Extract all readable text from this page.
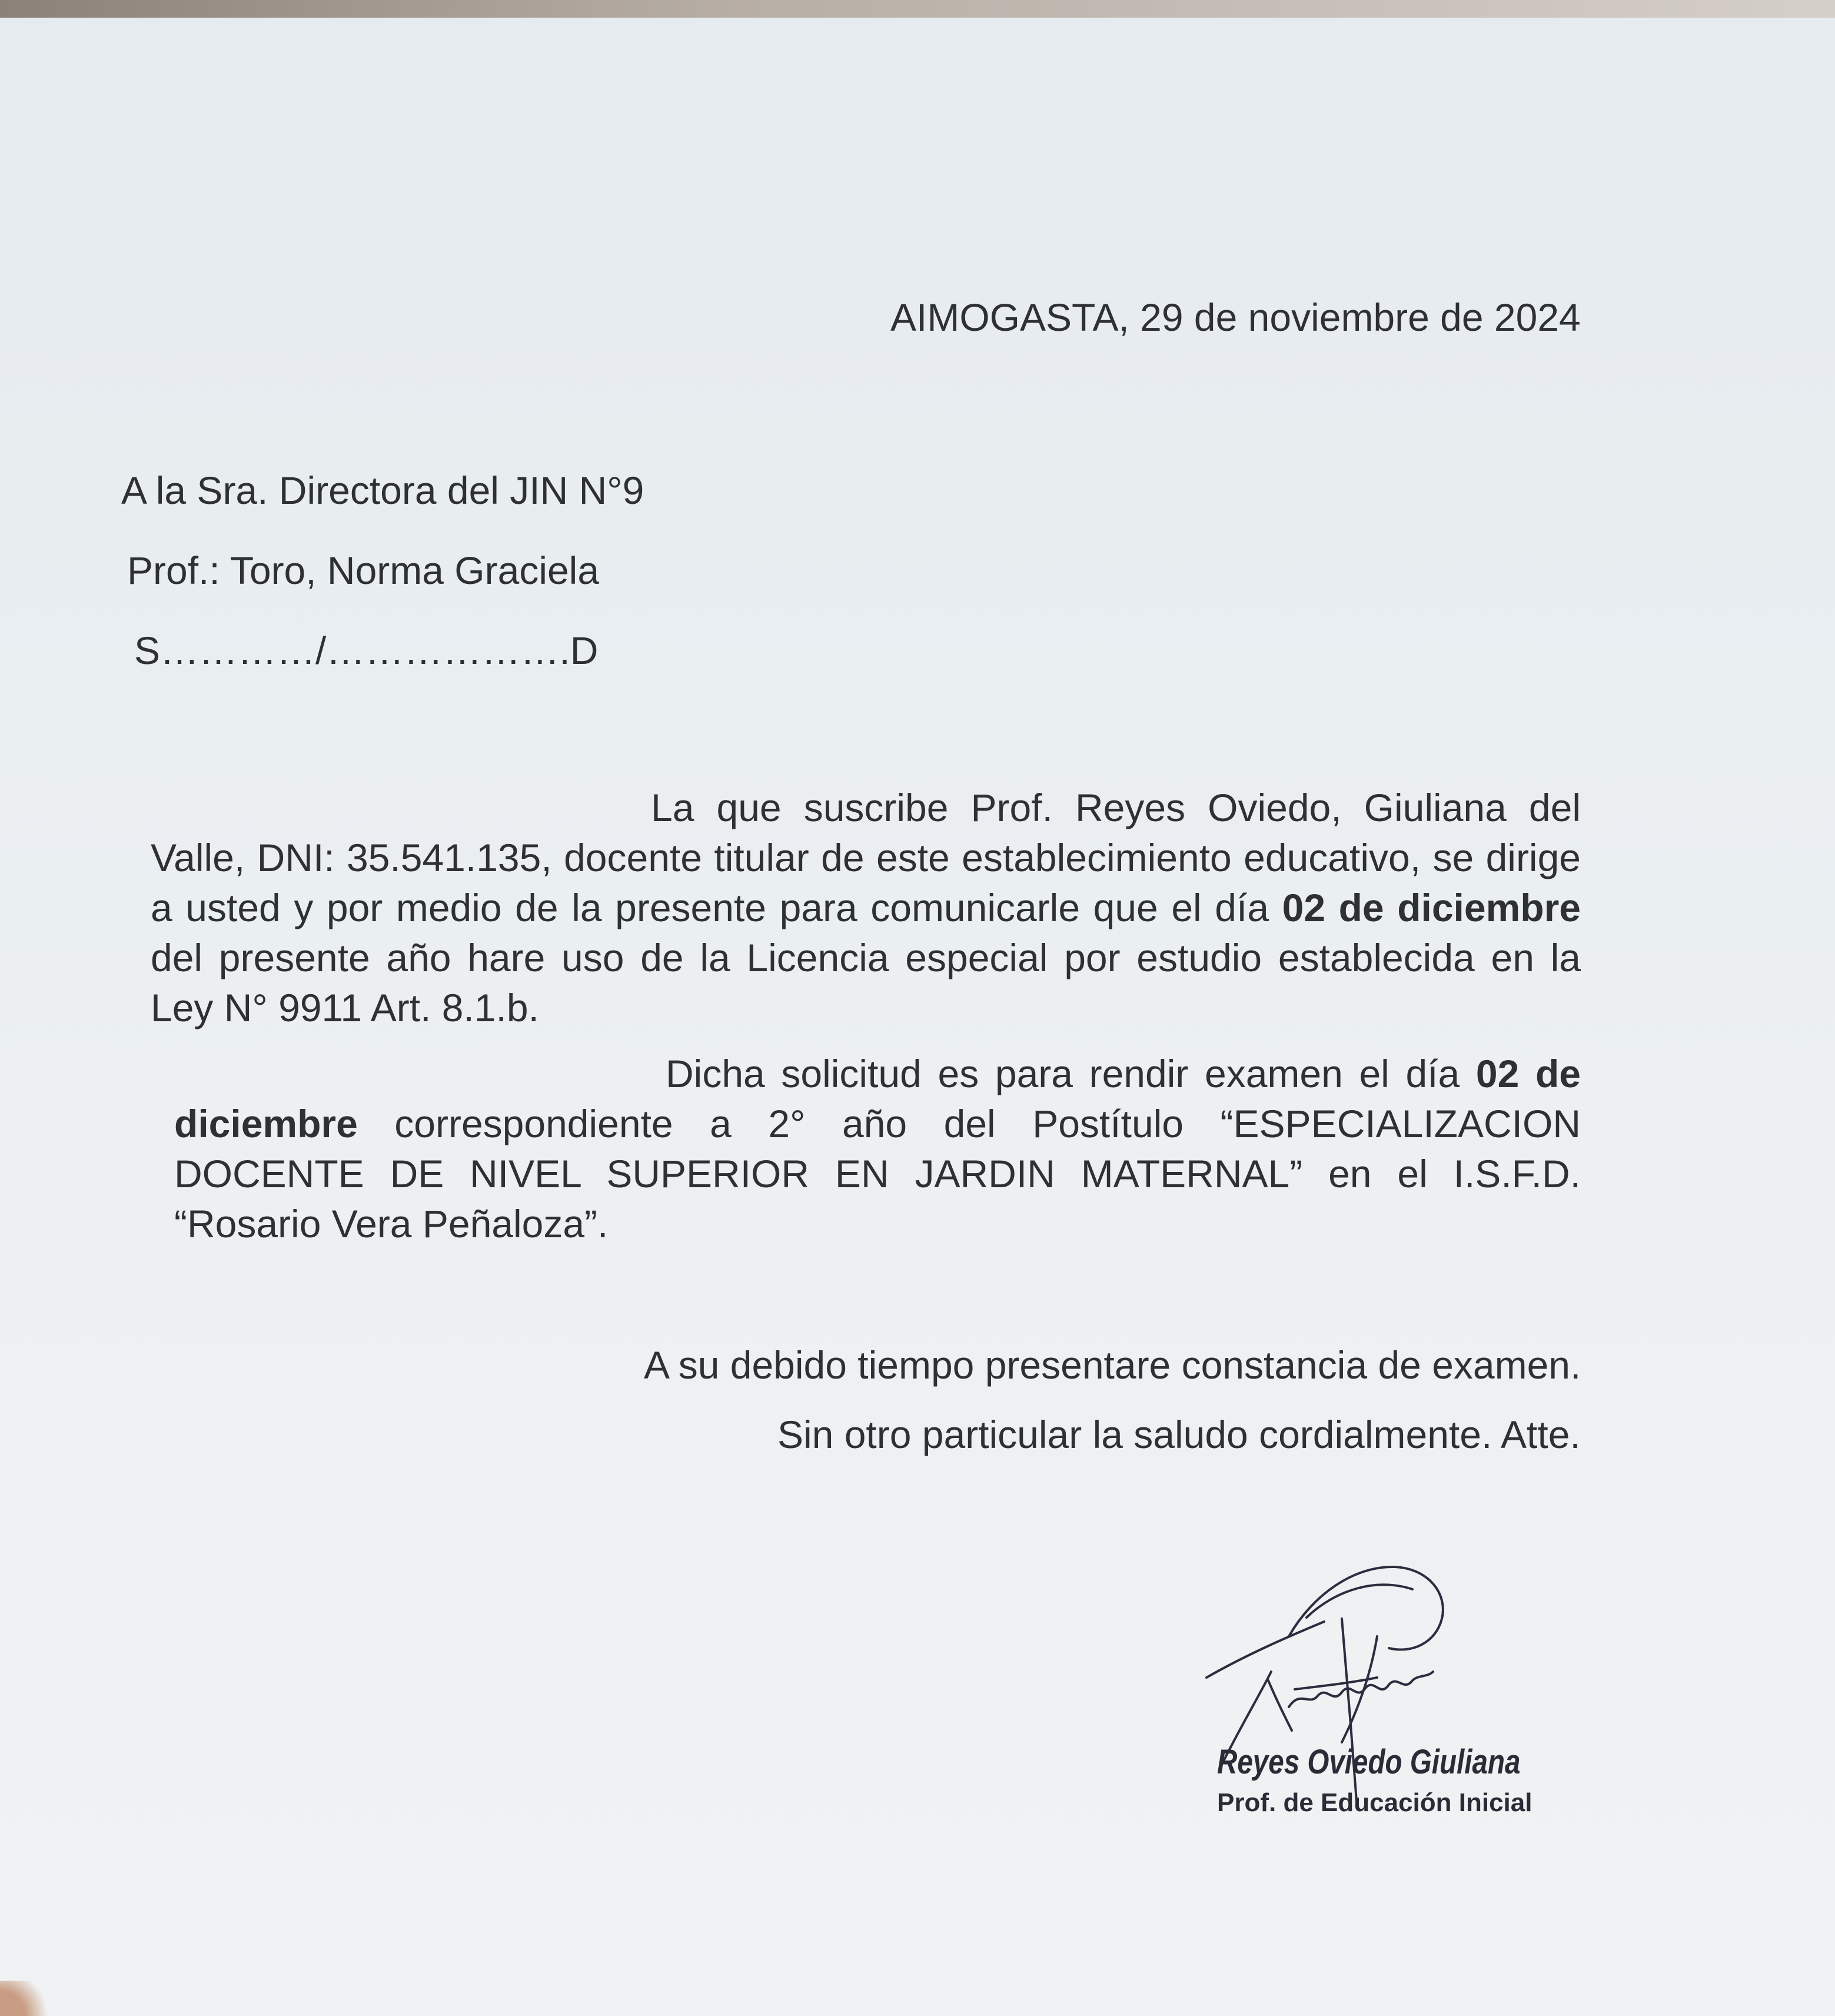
AIMOGASTA, 29 de noviembre de 2024
A la Sra. Directora del JIN N°9
Prof.: Toro, Norma Graciela
S…………/……………….D

La que suscribe Prof. Reyes Oviedo, Giuliana del Valle, DNI: 35.541.135, docente titular de este establecimiento educativo, se dirige a usted y por medio de la presente para comunicarle que el día 02 de diciembre del presente año hare uso de la Licencia especial por estudio establecida en la Ley N° 9911 Art. 8.1.b.

Dicha solicitud es para rendir examen el día 02 de diciembre correspondiente a 2° año del Postítulo “ESPECIALIZACION DOCENTE DE NIVEL SUPERIOR EN JARDIN MATERNAL” en el I.S.F.D. “Rosario Vera Peñaloza”.

A su debido tiempo presentare constancia de examen.
Sin otro particular la saludo cordialmente. Atte.
Reyes Oviedo Giuliana
Prof. de Educación Inicial
